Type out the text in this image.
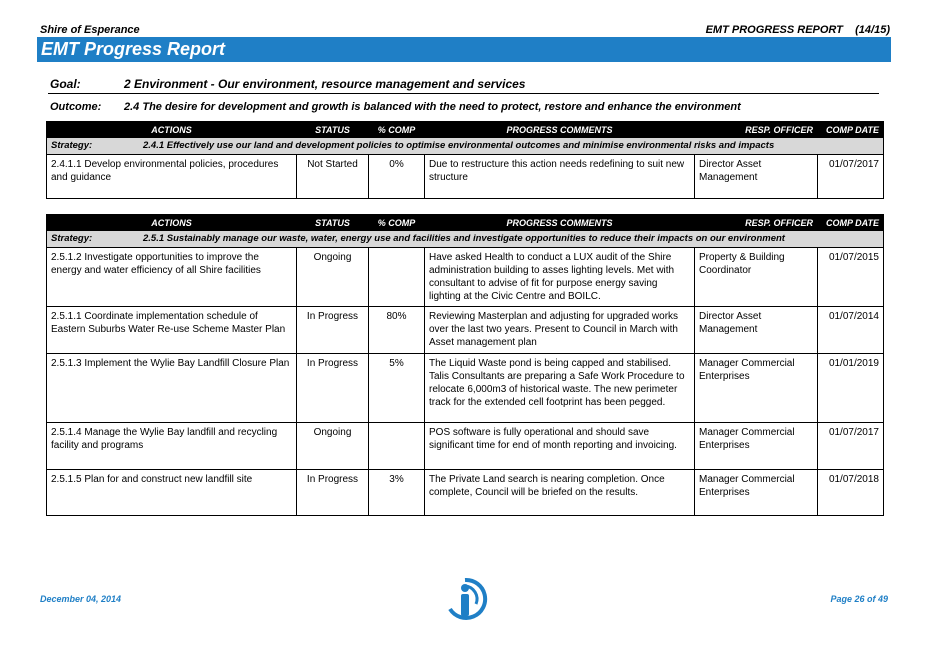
Shire of Esperance	EMT PROGRESS REPORT (14/15)
EMT Progress Report
Goal:	2 Environment - Our environment, resource management and services
Outcome: 2.4 The desire for development and growth is balanced with the need to protect, restore and enhance the environment
ACTIONS	STATUS	% COMP	PROGRESS COMMENTS	RESP. OFFICER	COMP DATE
Strategy: 2.4.1 Effectively use our land and development policies to optimise environmental outcomes and minimise environmental risks and impacts					
2.4.1.1 Develop environmental policies, procedures and guidance	Not Started	0%	Due to restructure this action needs redefining to suit new structure	Director Asset Management	01/07/2017
ACTIONS	STATUS	% COMP	PROGRESS COMMENTS	RESP. OFFICER	COMP DATE
Strategy: 2.5.1 Sustainably manage our waste, water, energy use and facilities and investigate opportunities to reduce their impacts on our environment					
2.5.1.2 Investigate opportunities to improve the energy and water efficiency of all Shire facilities	Ongoing		Have asked Health to conduct a LUX audit of the Shire administration building to asses lighting levels. Met with consultant to advise of fit for purpose energy saving lighting at the Civic Centre and BOILC.	Property & Building Coordinator	01/07/2015
2.5.1.1 Coordinate implementation schedule of Eastern Suburbs Water Re-use Scheme Master Plan	In Progress	80%	Reviewing Masterplan and adjusting for upgraded works over the last two years. Present to Council in March with Asset management plan	Director Asset Management	01/07/2014
2.5.1.3 Implement the Wylie Bay Landfill Closure Plan	In Progress	5%	The Liquid Waste pond is being capped and stabilised. Talis Consultants are preparing a Safe Work Procedure to relocate 6,000m3 of historical waste. The new perimeter track for the extended cell footprint has been pegged.	Manager Commercial Enterprises	01/01/2019
2.5.1.4 Manage the Wylie Bay landfill and recycling facility and programs	Ongoing		POS software is fully operational and should save significant time for end of month reporting and invoicing.	Manager Commercial Enterprises	01/07/2017
2.5.1.5 Plan for and construct new landfill site	In Progress	3%	The Private Land search is nearing completion. Once complete, Council will be briefed on the results.	Manager Commercial Enterprises	01/07/2018
December 04, 2014	Page 26 of 49
